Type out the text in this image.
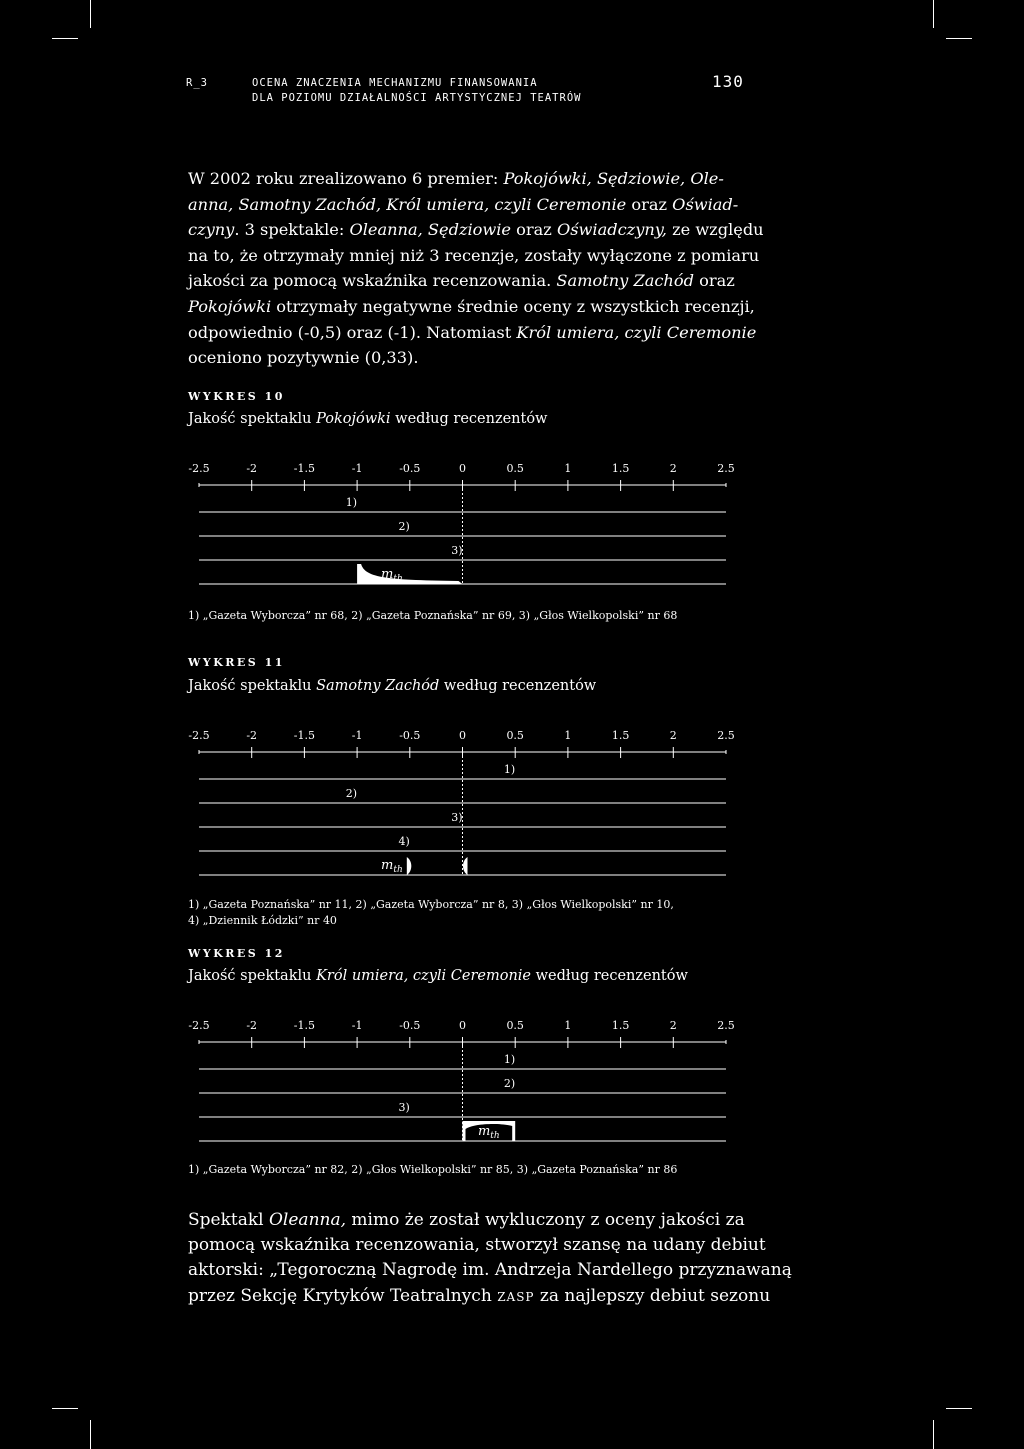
R_3	OCENA ZNACZENIA MECHANIZMU FINANSOWANIA
DLA POZIOMU DZIAŁALNOŚCI ARTYSTYCZNEJ TEATRÓW
130
W 2002 roku zrealizowano 6 premier: Pokojówki, Sędziowie, Ole-
anna, Samotny Zachód, Król umiera, czyli Ceremonie oraz Oświad-
czyny. 3 spektakle: Oleanna, Sędziowie oraz Oświadczyny, ze względu
na to, że otrzymały mniej niż 3 recenzje, zostały wyłączone z pomiaru
jakości za pomocą wskaźnika recenzowania. Samotny Zachód oraz
Pokojówki otrzymały negatywne średnie oceny z wszystkich recenzji,
odpowiednio (-0,5) oraz (-1). Natomiast Król umiera, czyli Ceremonie
oceniono pozytywnie (0,33).
WYKRES 10
Jakość spektaklu Pokojówki według recenzentów
-2.5	-2	-1.5	-1	-0.5	0	0.5	1	1.5	2	2.5
1)
2)
3)
$m_{th}$
1) „Gazeta Wyborcza” nr 68, 2) „Gazeta Poznańska” nr 69, 3) „Głos Wielkopolski” nr 68
WYKRES 11
Jakość spektaklu Samotny Zachód według recenzentów
-2.5	-2	-1.5	-1	-0.5	0	0.5	1	1.5	2	2.5
1)
2)
3)
4)
$m_{th}$
1) „Gazeta Poznańska” nr 11, 2) „Gazeta Wyborcza” nr 8, 3) „Głos Wielkopolski” nr 10,
4) „Dziennik Łódzki” nr 40
WYKRES 12
Jakość spektaklu Król umiera, czyli Ceremonie według recenzentów
-2.5	-2	-1.5	-1	-0.5	0	0.5	1	1.5	2	2.5
1)
2)
3)
$m_{th}$
1) „Gazeta Wyborcza” nr 82, 2) „Głos Wielkopolski” nr 85, 3) „Gazeta Poznańska” nr 86
Spektakl Oleanna, mimo że został wykluczony z oceny jakości za
pomocą wskaźnika recenzowania, stworzył szansę na udany debiut
aktorski: „Tegoroczną Nagrodę im. Andrzeja Nardellego przyznawaną
przez Sekcję Krytyków Teatralnych ZASP za najlepszy debiut sezonu
